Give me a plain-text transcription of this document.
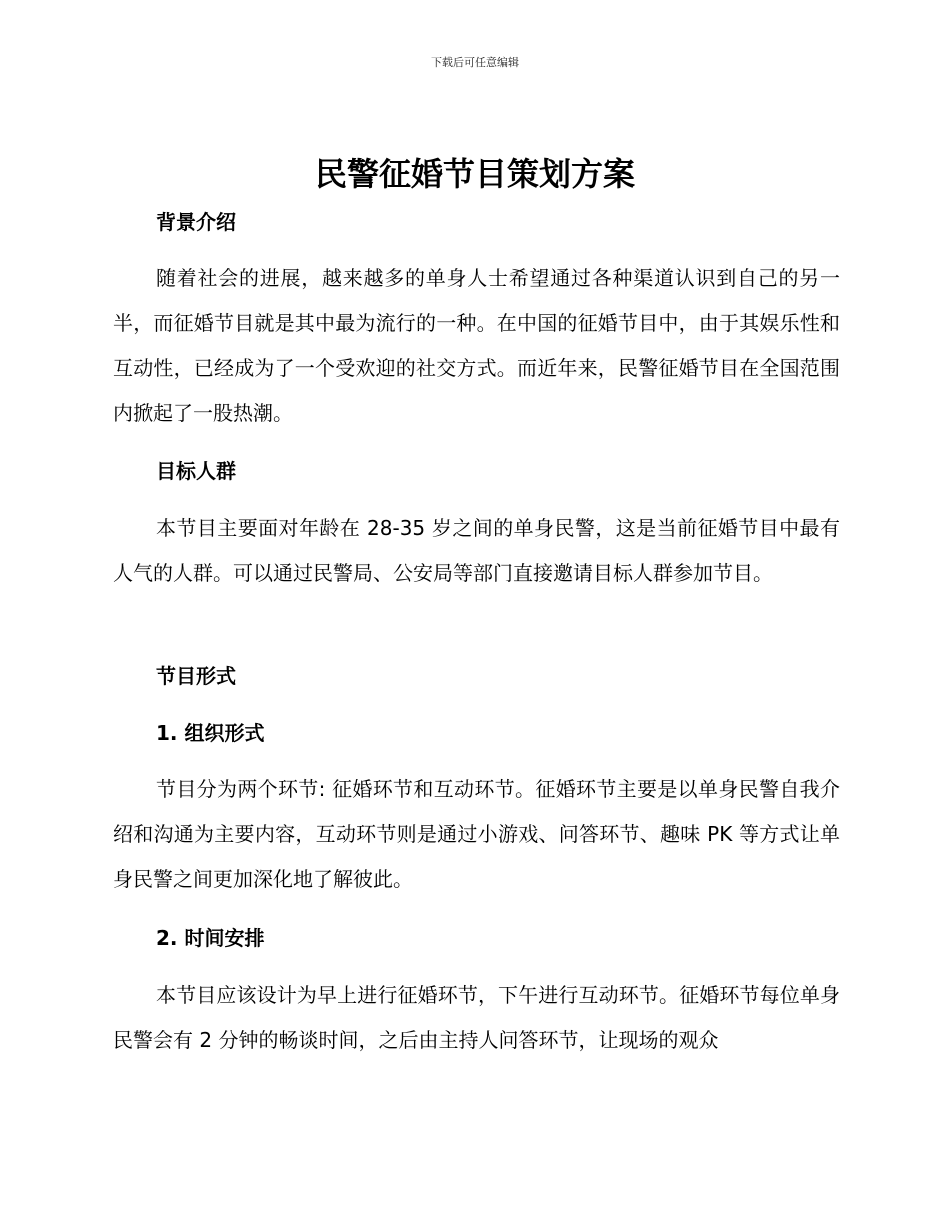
下载后可任意编辑
民警征婚节目策划方案
背景介绍

随着社会的进展，越来越多的单身人士希望通过各种渠道认识到自己的另一半，而征婚节目就是其中最为流行的一种。在中国的征婚节目中，由于其娱乐性和互动性，已经成为了一个受欢迎的社交方式。而近年来，民警征婚节目在全国范围内掀起了一股热潮。

目标人群

本节目主要面对年龄在 28-35 岁之间的单身民警，这是当前征婚节目中最有人气的人群。可以通过民警局、公安局等部门直接邀请目标人群参加节目。

节目形式
1. 组织形式

节目分为两个环节: 征婚环节和互动环节。征婚环节主要是以单身民警自我介绍和沟通为主要内容，互动环节则是通过小游戏、问答环节、趣味 PK 等方式让单身民警之间更加深化地了解彼此。

2. 时间安排

本节目应该设计为早上进行征婚环节，下午进行互动环节。征婚环节每位单身民警会有 2 分钟的畅谈时间，之后由主持人问答环节，让现场的观众
